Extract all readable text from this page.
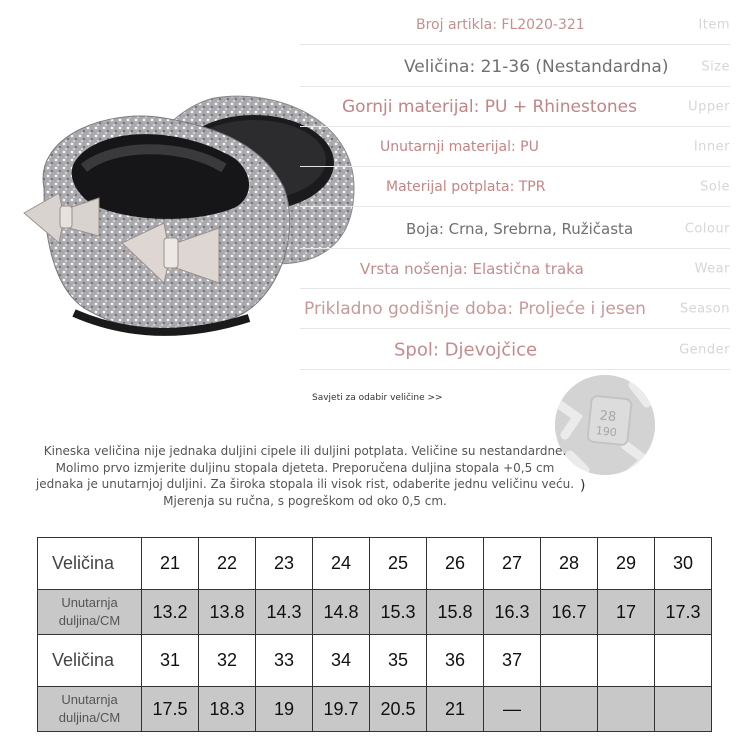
Broj artikla: FL2020-321	Item
Veličina: 21-36 (Nestandardna)	Size
Gornji materijal: PU + Rhinestones	Upper
Unutarnji materijal: PU	Inner
Materijal potplata: TPR	Sole
Boja: Crna, Srebrna, Ružičasta	Colour
Vrsta nošenja: Elastična traka	Wear
Prikladno godišnje doba: Proljeće i jesen	Season
Spol: Djevojčice	Gender
Savjeti za odabir veličine >>
28
190

Kineska veličina nije jednaka duljini cipele ili duljini potplata. Veličine su nestandardne.

Molimo prvo izmjerite duljinu stopala djeteta. Preporučena duljina stopala +0,5 cm

jednaka je unutarnjoj duljini. Za široka stopala ili visok rist, odaberite jednu veličinu veću.

Mjerenja su ručna, s pogreškom od oko 0,5 cm.

)
Veličina	21	22	23	24	25	26	27	28	29	30
Unutarnja
duljina/CM	13.2	13.8	14.3	14.8	15.3	15.8	16.3	16.7	17	17.3
Veličina	31	32	33	34	35	36	37			
Unutarnja
duljina/CM	17.5	18.3	19	19.7	20.5	21	—			
